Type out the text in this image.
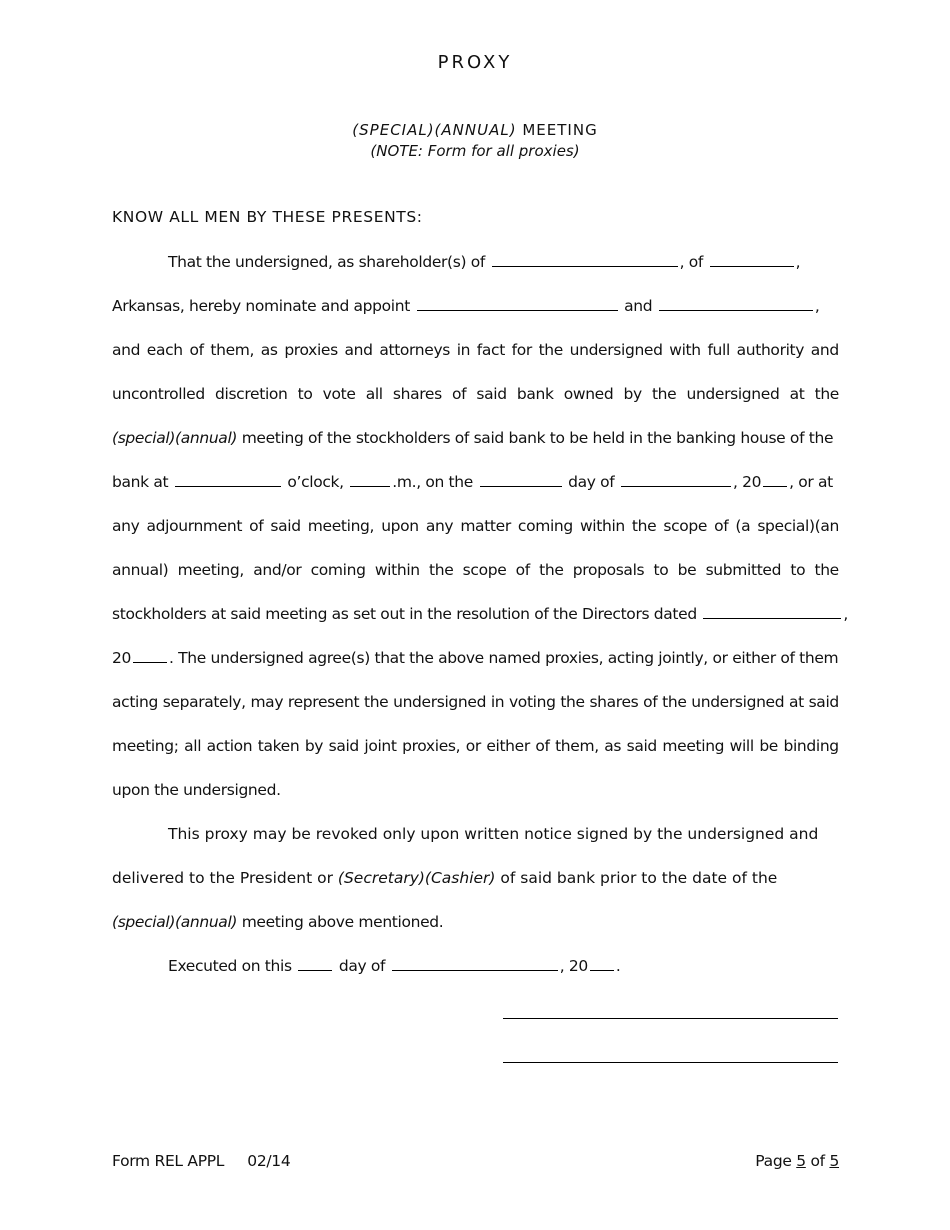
PROXY
(SPECIAL)(ANNUAL) MEETING
(NOTE: Form for all proxies)
KNOW ALL MEN BY THESE PRESENTS:
That the undersigned, as shareholder(s) of	, of	,
Arkansas, hereby nominate and appoint	and	,
and each of them, as proxies and attorneys in fact for the undersigned with full authority and
uncontrolled discretion to vote all shares of said bank owned by the undersigned at the
(special)(annual) meeting of the stockholders of said bank to be held in the banking house of the
bank at	o’clock,	.m., on the	day of	, 20 , or at
any adjournment of said meeting, upon any matter coming within the scope of (a special)(an
annual) meeting, and/or coming within the scope of the proposals to be submitted to the
stockholders at said meeting as set out in the resolution of the Directors dated	,
20 . The undersigned agree(s) that the above named proxies, acting jointly, or either of them
acting separately, may represent the undersigned in voting the shares of the undersigned at said
meeting; all action taken by said joint proxies, or either of them, as said meeting will be binding
upon the undersigned.
This proxy may be revoked only upon written notice signed by the undersigned and
delivered to the President or (Secretary)(Cashier) of said bank prior to the date of the
(special)(annual) meeting above mentioned.
Executed on this	day of	, 20 .
Form REL APPL     02/14	Page 5 of 5
